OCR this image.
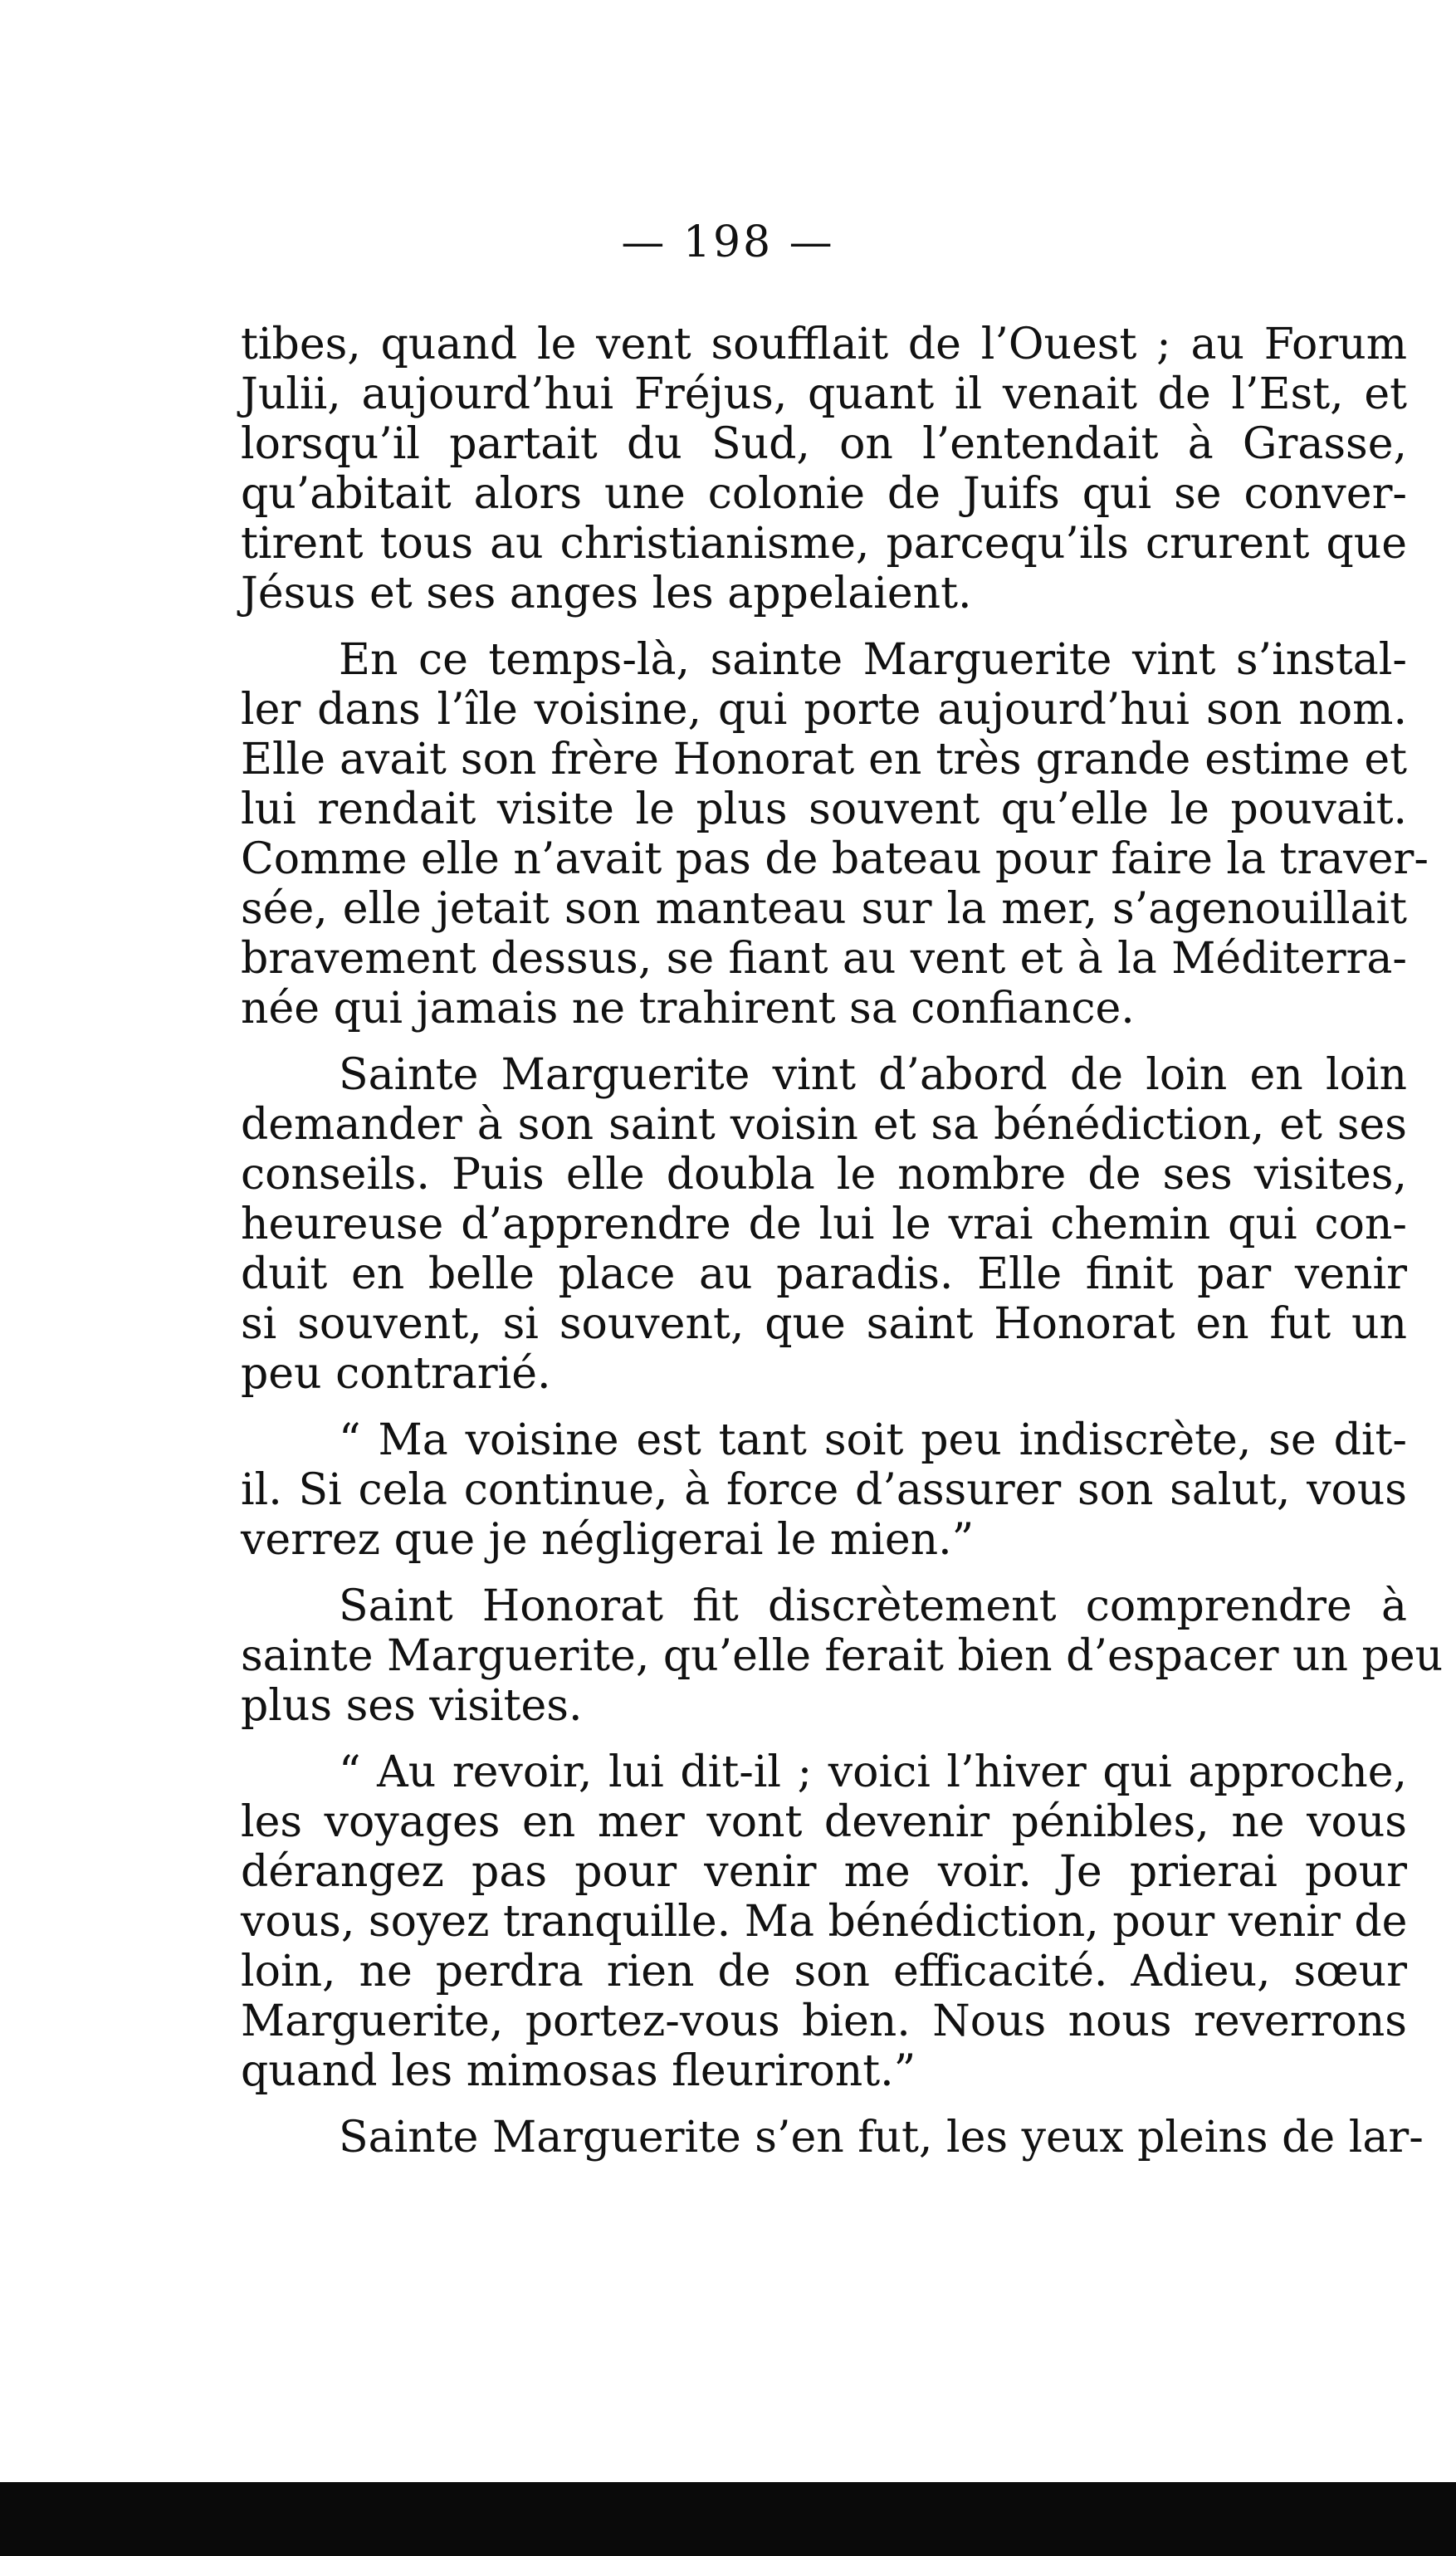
— 198 —
tibes, quand le vent soufflait de l’Ouest ; au Forum
Julii, aujourd’hui Fréjus, quant il venait de l’Est, et
lorsqu’il partait du Sud, on l’entendait à Grasse,
qu’abitait alors une colonie de Juifs qui se conver-
tirent tous au christianisme, parcequ’ils crurent que
Jésus et ses anges les appelaient.
En ce temps-là, sainte Marguerite vint s’instal-
ler dans l’île voisine, qui porte aujourd’hui son nom.
Elle avait son frère Honorat en très grande estime et
lui rendait visite le plus souvent qu’elle le pouvait.
Comme elle n’avait pas de bateau pour faire la traver-
sée, elle jetait son manteau sur la mer, s’agenouillait
bravement dessus, se fiant au vent et à la Méditerra-
née qui jamais ne trahirent sa confiance.
Sainte Marguerite vint d’abord de loin en loin
demander à son saint voisin et sa bénédiction, et ses
conseils. Puis elle doubla le nombre de ses visites,
heureuse d’apprendre de lui le vrai chemin qui con-
duit en belle place au paradis. Elle finit par venir
si souvent, si souvent, que saint Honorat en fut un
peu contrarié.
“ Ma voisine est tant soit peu indiscrète, se dit-
il. Si cela continue, à force d’assurer son salut, vous
verrez que je négligerai le mien.”
Saint Honorat fit discrètement comprendre à
sainte Marguerite, qu’elle ferait bien d’espacer un peu
plus ses visites.
“ Au revoir, lui dit-il ; voici l’hiver qui approche,
les voyages en mer vont devenir pénibles, ne vous
dérangez pas pour venir me voir. Je prierai pour
vous, soyez tranquille. Ma bénédiction, pour venir de
loin, ne perdra rien de son efficacité. Adieu, sœur
Marguerite, portez-vous bien. Nous nous reverrons
quand les mimosas fleuriront.”
Sainte Marguerite s’en fut, les yeux pleins de lar-
